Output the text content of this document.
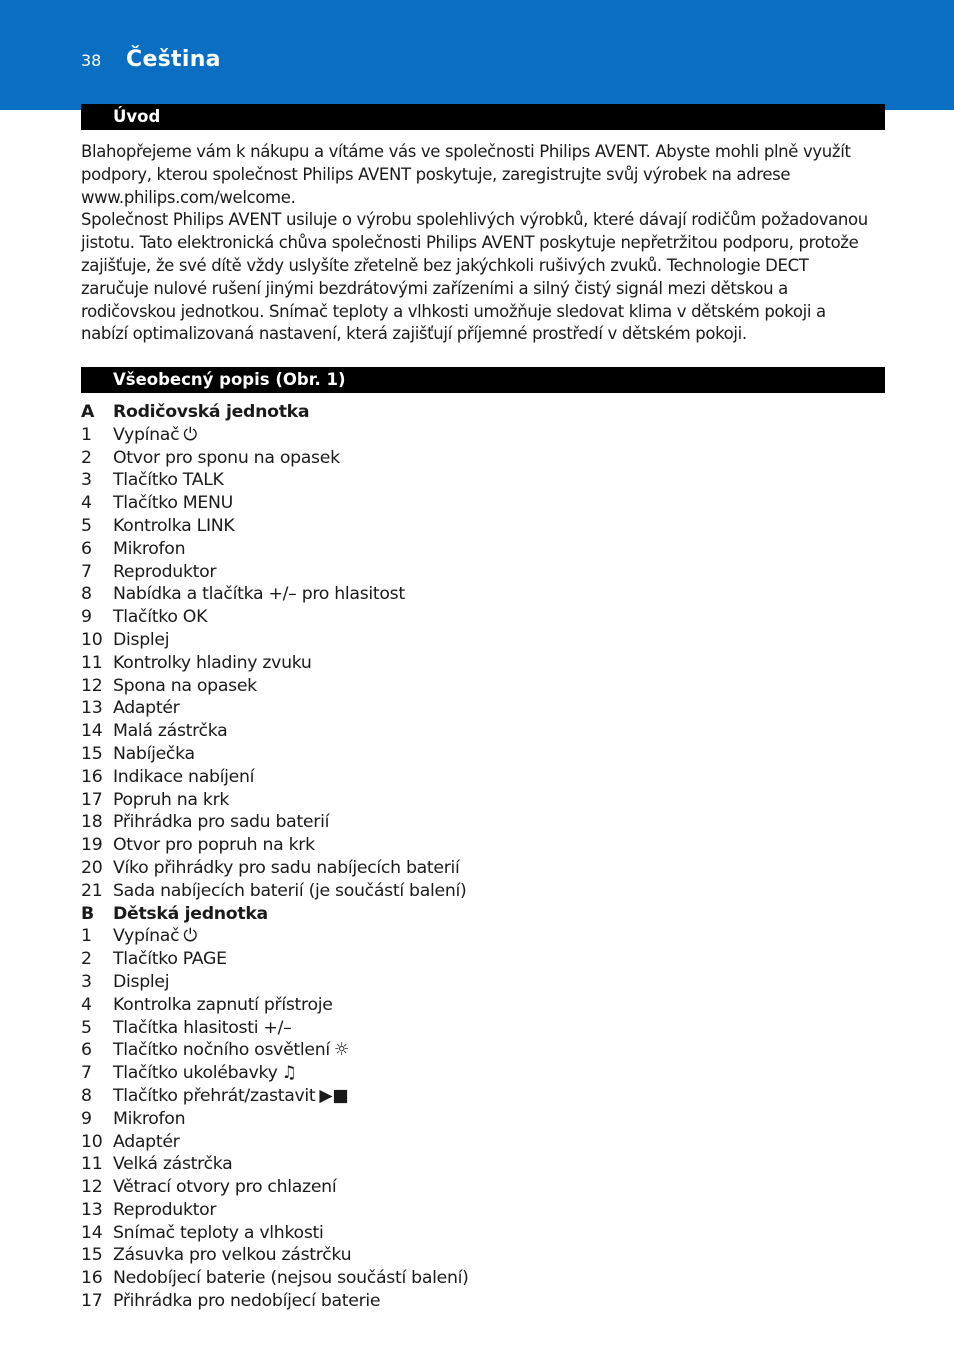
38 Čeština
Úvod

Blahopřejeme vám k nákupu a vítáme vás ve společnosti Philips AVENT. Abyste mohli plně využít podpory, kterou společnost Philips AVENT poskytuje, zaregistrujte svůj výrobek na adrese www.philips.com/welcome.

Společnost Philips AVENT usiluje o výrobu spolehlivých výrobků, které dávají rodičům požadovanou jistotu. Tato elektronická chůva společnosti Philips AVENT poskytuje nepřetržitou podporu, protože zajišťuje, že své dítě vždy uslyšíte zřetelně bez jakýchkoli rušivých zvuků. Technologie DECT zaručuje nulové rušení jinými bezdrátovými zařízeními a silný čistý signál mezi dětskou a rodičovskou jednotkou. Snímač teploty a vlhkosti umožňuje sledovat klima v dětském pokoji a nabízí optimalizovaná nastavení, která zajišťují příjemné prostředí v dětském pokoji.

Všeobecný popis (Obr. 1)
A	Rodičovská jednotka
1	Vypínač ⏻
2	Otvor pro sponu na opasek
3	Tlačítko TALK
4	Tlačítko MENU
5	Kontrolka LINK
6	Mikrofon
7	Reproduktor
8	Nabídka a tlačítka +/– pro hlasitost
9	Tlačítko OK
10 Displej
11 Kontrolky hladiny zvuku
12 Spona na opasek
13 Adaptér
14 Malá zástrčka
15 Nabíječka
16 Indikace nabíjení
17 Popruh na krk
18 Přihrádka pro sadu baterií
19 Otvor pro popruh na krk
20 Víko přihrádky pro sadu nabíjecích baterií
21 Sada nabíjecích baterií (je součástí balení)
B	Dětská jednotka
1	Vypínač ⏻
2	Tlačítko PAGE
3	Displej
4	Kontrolka zapnutí přístroje
5	Tlačítka hlasitosti +/–
6	Tlačítko nočního osvětlení ☼
7	Tlačítko ukolébavky ♫
8	Tlačítko přehrát/zastavit ▶■
9	Mikrofon
10 Adaptér
11 Velká zástrčka
12 Větrací otvory pro chlazení
13 Reproduktor
14 Snímač teploty a vlhkosti
15 Zásuvka pro velkou zástrčku
16 Nedobíjecí baterie (nejsou součástí balení)
17 Přihrádka pro nedobíjecí baterie
